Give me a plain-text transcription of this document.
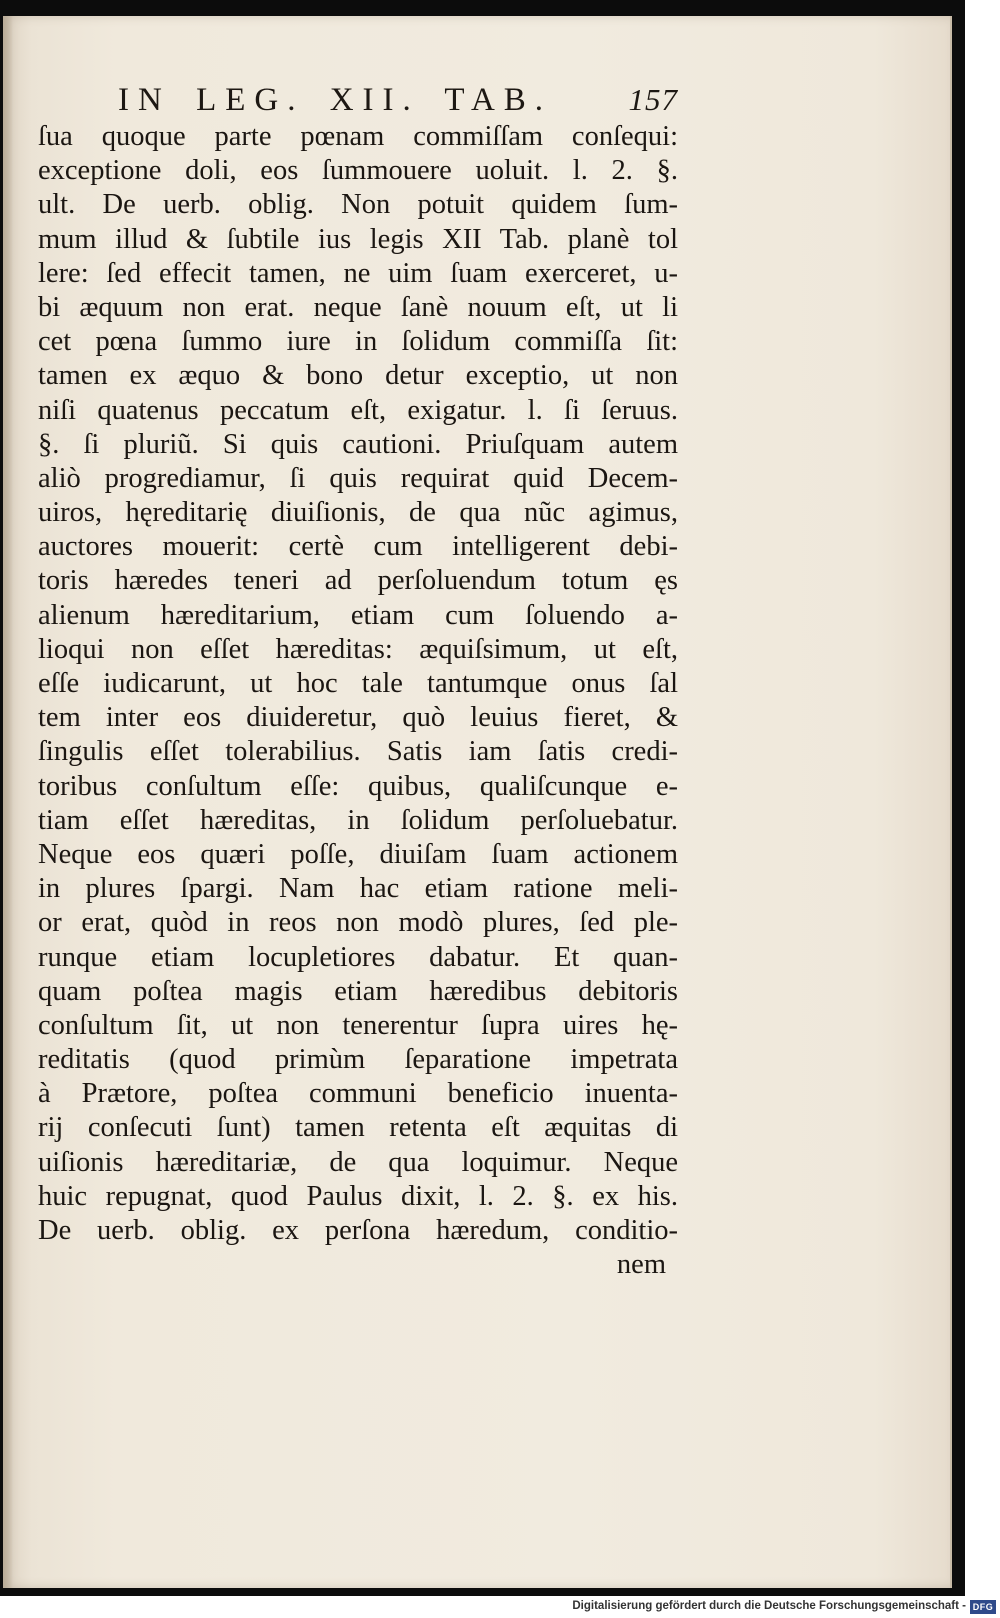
IN LEG. XII. TAB. 157
ſua quoque parte pœnam commiſſam conſequi:
exceptione doli, eos ſummouere uoluit. l. 2. §.
ult. De uerb. oblig. Non potuit quidem ſum-
mum illud & ſubtile ius legis XII Tab. planè tol
lere: ſed effecit tamen, ne uim ſuam exerceret, u-
bi æquum non erat. neque ſanè nouum eſt, ut li
cet pœna ſummo iure in ſolidum commiſſa ſit:
tamen ex æquo & bono detur exceptio, ut non
niſi quatenus peccatum eſt, exigatur. l. ſi ſeruus.
§. ſi pluriũ. Si quis cautioni. Priuſquam autem
aliò progrediamur, ſi quis requirat quid Decem-
uiros, hęreditarię diuiſionis, de qua nũc agimus,
auctores mouerit: certè cum intelligerent debi-
toris hæredes teneri ad perſoluendum totum ęs
alienum hæreditarium, etiam cum ſoluendo a-
lioqui non eſſet hæreditas: æquiſsimum, ut eſt,
eſſe iudicarunt, ut hoc tale tantumque onus ſal
tem inter eos diuideretur, quò leuius fieret, &
ſingulis eſſet tolerabilius. Satis iam ſatis credi-
toribus conſultum eſſe: quibus, qualiſcunque e-
tiam eſſet hæreditas, in ſolidum perſoluebatur.
Neque eos quæri poſſe, diuiſam ſuam actionem
in plures ſpargi. Nam hac etiam ratione meli-
or erat, quòd in reos non modò plures, ſed ple-
runque etiam locupletiores dabatur. Et quan-
quam poſtea magis etiam hæredibus debitoris
conſultum ſit, ut non tenerentur ſupra uires hę-
reditatis (quod primùm ſeparatione impetrata
à Prætore, poſtea communi beneficio inuenta-
rij conſecuti ſunt) tamen retenta eſt æquitas di
uiſionis hæreditariæ, de qua loquimur. Neque
huic repugnat, quod Paulus dixit, l. 2. §. ex his.
De uerb. oblig. ex perſona hæredum, conditio-
nem
Digitalisierung gefördert durch die Deutsche Forschungsgemeinschaft - DFG
